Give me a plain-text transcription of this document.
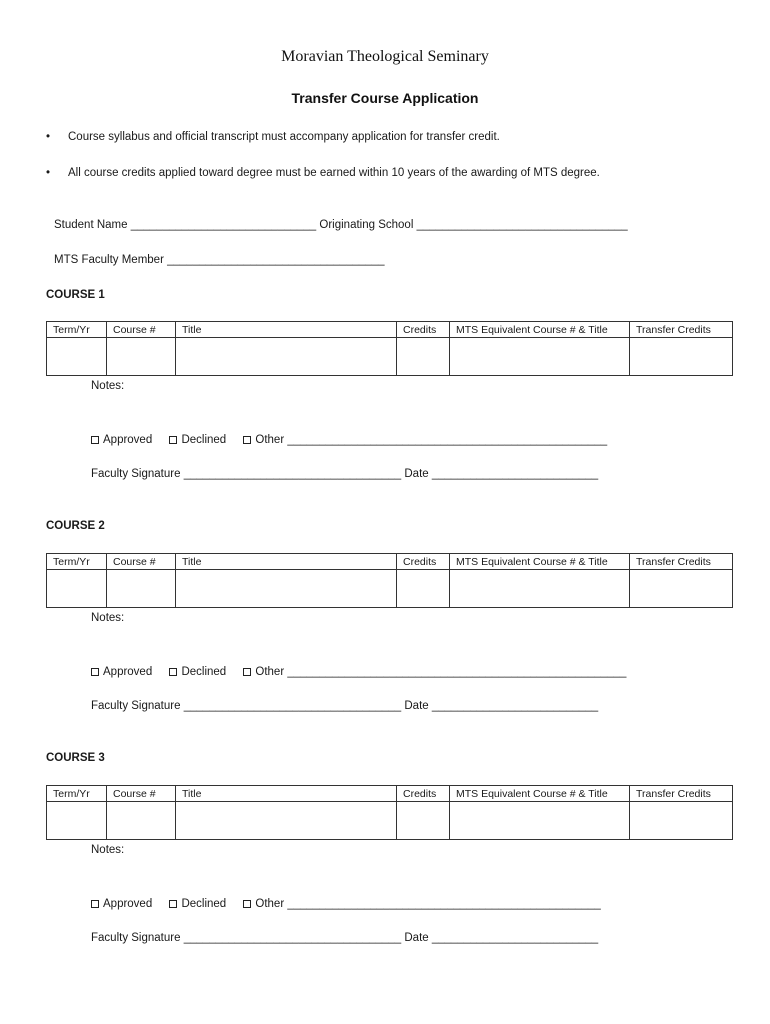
Moravian Theological Seminary
Transfer Course Application
• Course syllabus and official transcript must accompany application for transfer credit.
• All course credits applied toward degree must be earned within 10 years of the awarding of MTS degree.
Student Name _____________________________ Originating School _________________________________
MTS Faculty Member __________________________________
COURSE 1
Term/Yr	Course #	Title	Credits	MTS Equivalent Course # & Title	Transfer Credits

Notes:
Approved	Declined	Other __________________________________________________
Faculty Signature __________________________________ Date __________________________
COURSE 2
Term/Yr	Course #	Title	Credits	MTS Equivalent Course # & Title	Transfer Credits

Notes:
Approved	Declined	Other _____________________________________________________
Faculty Signature __________________________________ Date __________________________
COURSE 3
Term/Yr	Course #	Title	Credits	MTS Equivalent Course # & Title	Transfer Credits

Notes:
Approved	Declined	Other _________________________________________________
Faculty Signature __________________________________ Date __________________________
